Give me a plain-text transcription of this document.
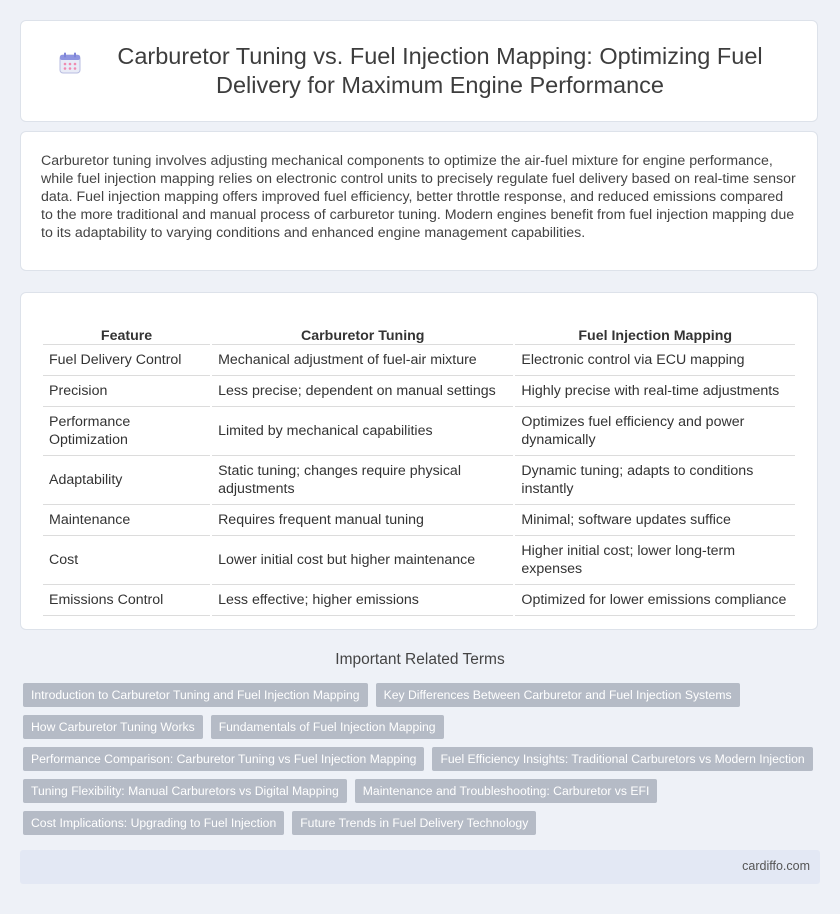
Carburetor Tuning vs. Fuel Injection Mapping: Optimizing Fuel Delivery for Maximum Engine Performance

Carburetor tuning involves adjusting mechanical components to optimize the air-fuel mixture for engine performance, while fuel injection mapping relies on electronic control units to precisely regulate fuel delivery based on real-time sensor data. Fuel injection mapping offers improved fuel efficiency, better throttle response, and reduced emissions compared to the more traditional and manual process of carburetor tuning. Modern engines benefit from fuel injection mapping due to its adaptability to varying conditions and enhanced engine management capabilities.

Feature	Carburetor Tuning	Fuel Injection Mapping
Fuel Delivery Control	Mechanical adjustment of fuel-air mixture	Electronic control via ECU mapping
Precision	Less precise; dependent on manual settings	Highly precise with real-time adjustments
Performance Optimization	Limited by mechanical capabilities	Optimizes fuel efficiency and power dynamically
Adaptability	Static tuning; changes require physical adjustments	Dynamic tuning; adapts to conditions instantly
Maintenance	Requires frequent manual tuning	Minimal; software updates suffice
Cost	Lower initial cost but higher maintenance	Higher initial cost; lower long-term expenses
Emissions Control	Less effective; higher emissions	Optimized for lower emissions compliance
Important Related Terms
Introduction to Carburetor Tuning and Fuel Injection Mapping	Key Differences Between Carburetor and Fuel Injection Systems
How Carburetor Tuning Works	Fundamentals of Fuel Injection Mapping
Performance Comparison: Carburetor Tuning vs Fuel Injection Mapping	Fuel Efficiency Insights: Traditional Carburetors vs Modern Injection
Tuning Flexibility: Manual Carburetors vs Digital Mapping	Maintenance and Troubleshooting: Carburetor vs EFI
Cost Implications: Upgrading to Fuel Injection	Future Trends in Fuel Delivery Technology
cardiffo.com
